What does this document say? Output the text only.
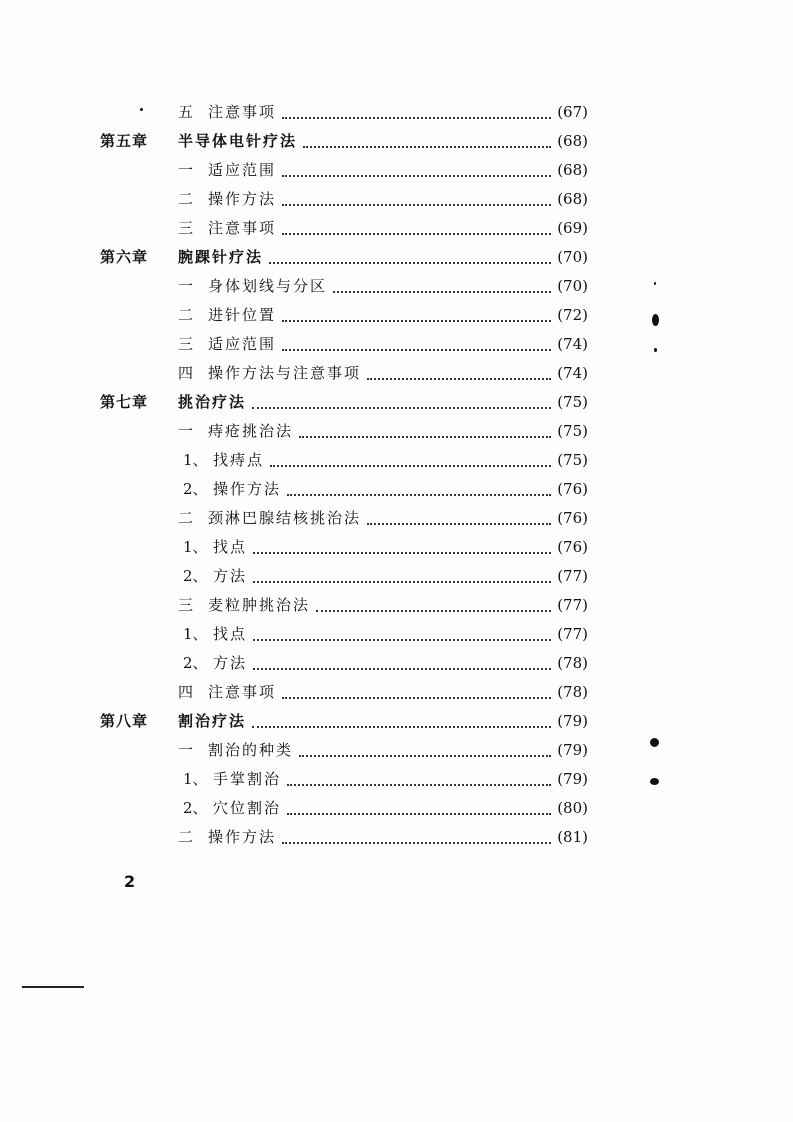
五 注意事项	(67)
第五章 半导体电针疗法	(68)
一 适应范围	(68)
二 操作方法	(68)
三 注意事项	(69)
第六章 腕踝针疗法	(70)
一 身体划线与分区	(70)
二 进针位置	(72)
三 适应范围	(74)
四 操作方法与注意事项	(74)
第七章 挑治疗法	(75)
一 痔疮挑治法	(75)
1、 找痔点	(75)
2、 操作方法	(76)
二 颈淋巴腺结核挑治法	(76)
1、 找点	(76)
2、 方法	(77)
三 麦粒肿挑治法	(77)
1、 找点	(77)
2、 方法	(78)
四 注意事项	(78)
第八章 割治疗法	(79)
一 割治的种类	(79)
1、 手掌割治	(79)
2、 穴位割治	(80)
二 操作方法	(81)
2
